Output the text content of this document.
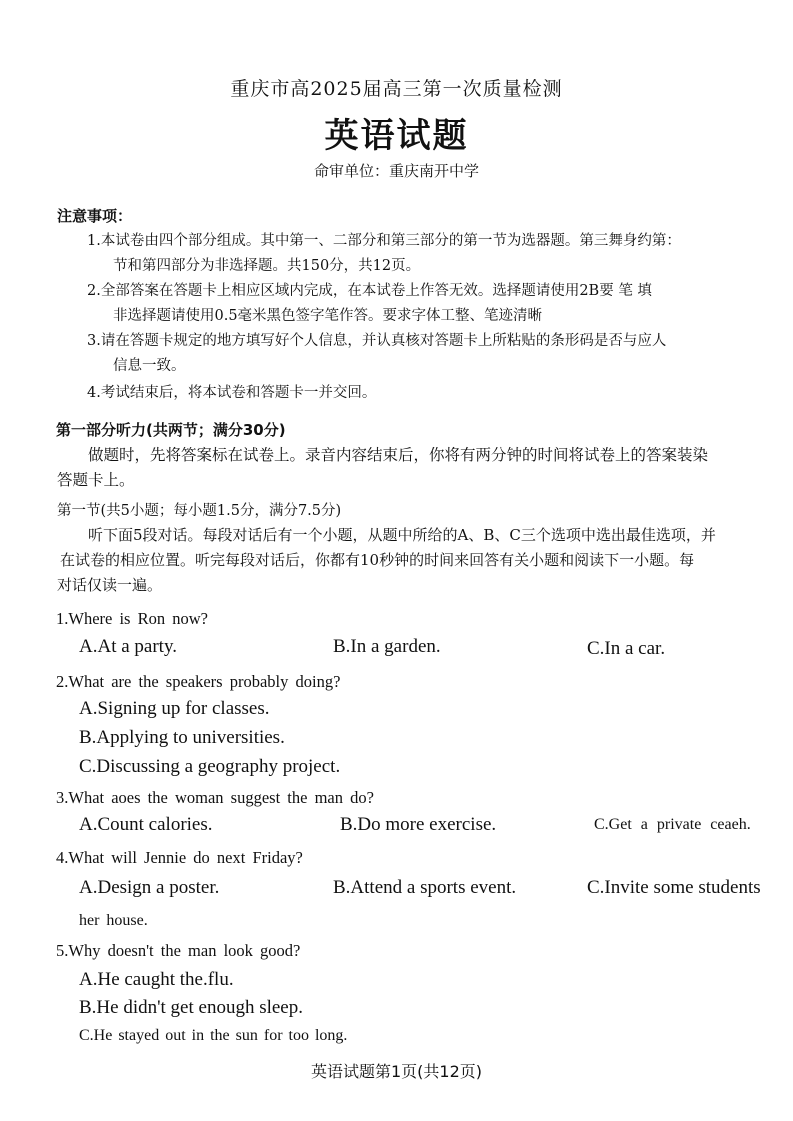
重庆市高2025届高三第一次质量检测
英语试题
命审单位：重庆南开中学
注意事项：
1.本试卷由四个部分组成。其中第一、二部分和第三部分的第一节为选器题。第三舞身约第：
节和第四部分为非选择题。共150分，共12页。
2.全部答案在答题卡上相应区域内完成，在本试卷上作答无效。选择题请使用2B要 笔 填
非选择题请使用0.5毫米黑色签字笔作答。要求字体工整、笔迹清晰
3.请在答题卡规定的地方填写好个人信息，并认真核对答题卡上所粘贴的条形码是否与应人
信息一致。
4.考试结束后，将本试卷和答题卡一并交回。
第一部分听力(共两节；满分30分)
做题时，先将答案标在试卷上。录音内容结束后，你将有两分钟的时间将试卷上的答案装染
答题卡上。
第一节(共5小题；每小题1.5分，满分7.5分)
听下面5段对话。每段对话后有一个小题，从题中所给的A、B、C三个选项中选出最佳选项，并
在试卷的相应位置。听完每段对话后，你都有10秒钟的时间来回答有关小题和阅读下一小题。每
对话仅读一遍。
1.Where is Ron now?
A.At a party.	B.In a garden.	C.In a car.
2.What are the speakers probably doing?
A.Signing up for classes.
B.Applying to universities.
C.Discussing a geography project.
3.What aoes the woman suggest the man do?
A.Count calories.	B.Do more exercise.	C.Get a private ceaeh.
4.What will Jennie do next Friday?
A.Design a poster.	B.Attend a sports event.	C.Invite some students
her house.
5.Why doesn't the man look good?
A.He caught the.flu.
B.He didn't get enough sleep.
C.He stayed out in the sun for too long.
英语试题第1页(共12页)
